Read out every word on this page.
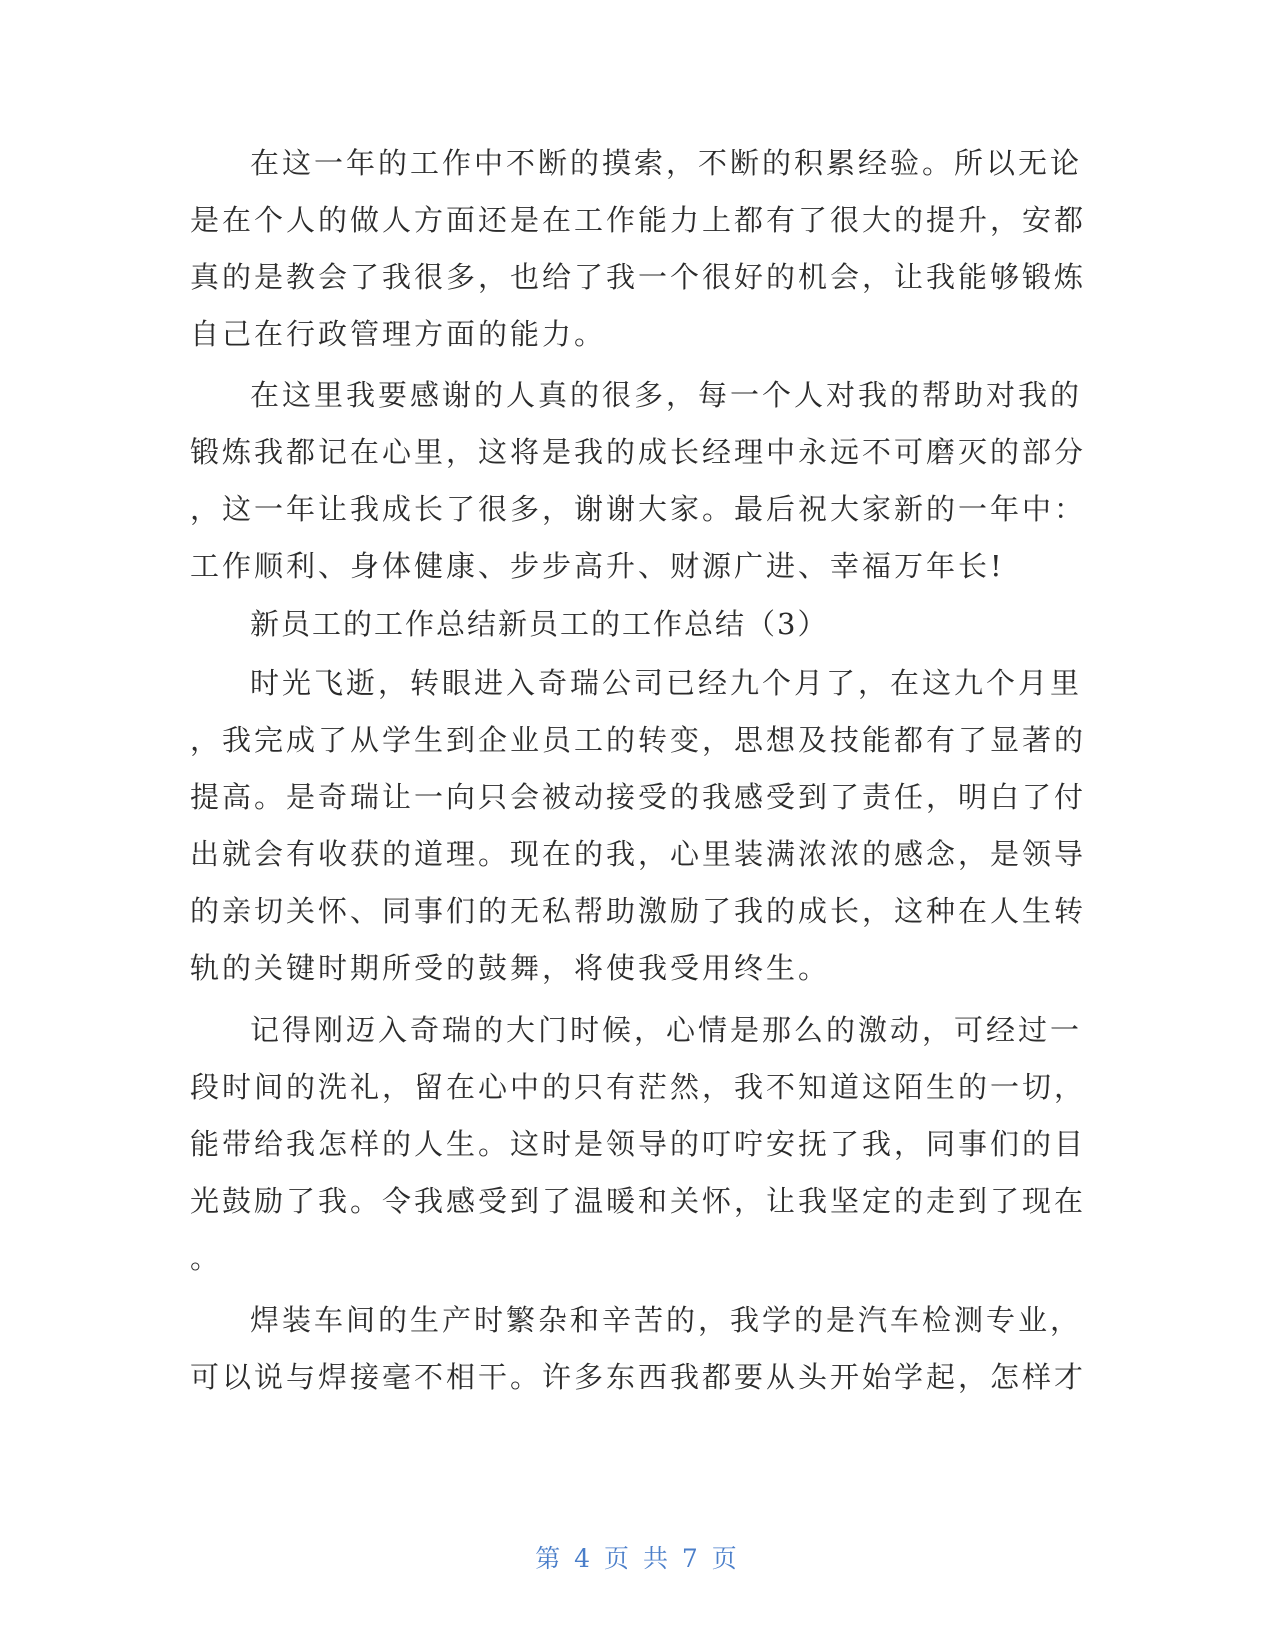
在这一年的工作中不断的摸索，不断的积累经验。所以无论
是在个人的做人方面还是在工作能力上都有了很大的提升，安都
真的是教会了我很多，也给了我一个很好的机会，让我能够锻炼
自己在行政管理方面的能力。
在这里我要感谢的人真的很多，每一个人对我的帮助对我的
锻炼我都记在心里，这将是我的成长经理中永远不可磨灭的部分
，这一年让我成长了很多，谢谢大家。最后祝大家新的一年中：
工作顺利、身体健康、步步高升、财源广进、幸福万年长!
新员工的工作总结新员工的工作总结（3）
时光飞逝，转眼进入奇瑞公司已经九个月了，在这九个月里
，我完成了从学生到企业员工的转变，思想及技能都有了显著的
提高。是奇瑞让一向只会被动接受的我感受到了责任，明白了付
出就会有收获的道理。现在的我，心里装满浓浓的感念，是领导
的亲切关怀、同事们的无私帮助激励了我的成长，这种在人生转
轨的关键时期所受的鼓舞，将使我受用终生。
记得刚迈入奇瑞的大门时候，心情是那么的激动，可经过一
段时间的洗礼，留在心中的只有茫然，我不知道这陌生的一切，
能带给我怎样的人生。这时是领导的叮咛安抚了我，同事们的目
光鼓励了我。令我感受到了温暖和关怀，让我坚定的走到了现在
。
焊装车间的生产时繁杂和辛苦的，我学的是汽车检测专业，
可以说与焊接毫不相干。许多东西我都要从头开始学起，怎样才
第 4 页 共 7 页
